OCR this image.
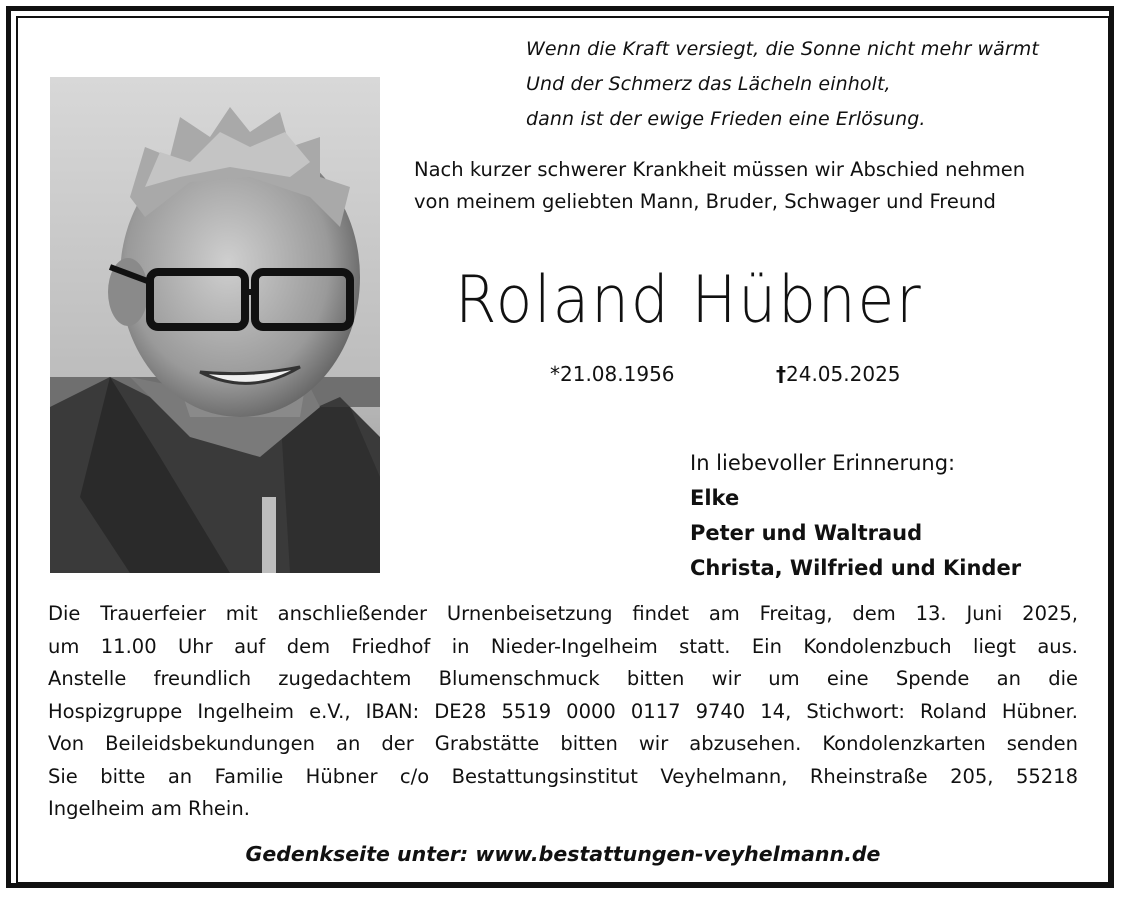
Wenn die Kraft versiegt, die Sonne nicht mehr wärmt
Und der Schmerz das Lächeln einholt,
dann ist der ewige Frieden eine Erlösung.
Nach kurzer schwerer Krankheit müssen wir Abschied nehmen
von meinem geliebten Mann, Bruder, Schwager und Freund
Roland Hübner
*21.08.1956	†24.05.2025
In liebevoller Erinnerung:
Elke
Peter und Waltraud
Christa, Wilfried und Kinder
Die Trauerfeier mit anschließender Urnenbeisetzung findet am Freitag, dem 13. Juni 2025,
um 11.00 Uhr auf dem Friedhof in Nieder-Ingelheim statt. Ein Kondolenzbuch liegt aus.
Anstelle freundlich zugedachtem Blumenschmuck bitten wir um eine Spende an die
Hospizgruppe Ingelheim e.V., IBAN: DE28 5519 0000 0117 9740 14, Stichwort: Roland Hübner.
Von Beileidsbekundungen an der Grabstätte bitten wir abzusehen. Kondolenzkarten senden
Sie bitte an Familie Hübner c/o Bestattungsinstitut Veyhelmann, Rheinstraße 205, 55218
Ingelheim am Rhein.
Gedenkseite unter: www.bestattungen-veyhelmann.de
